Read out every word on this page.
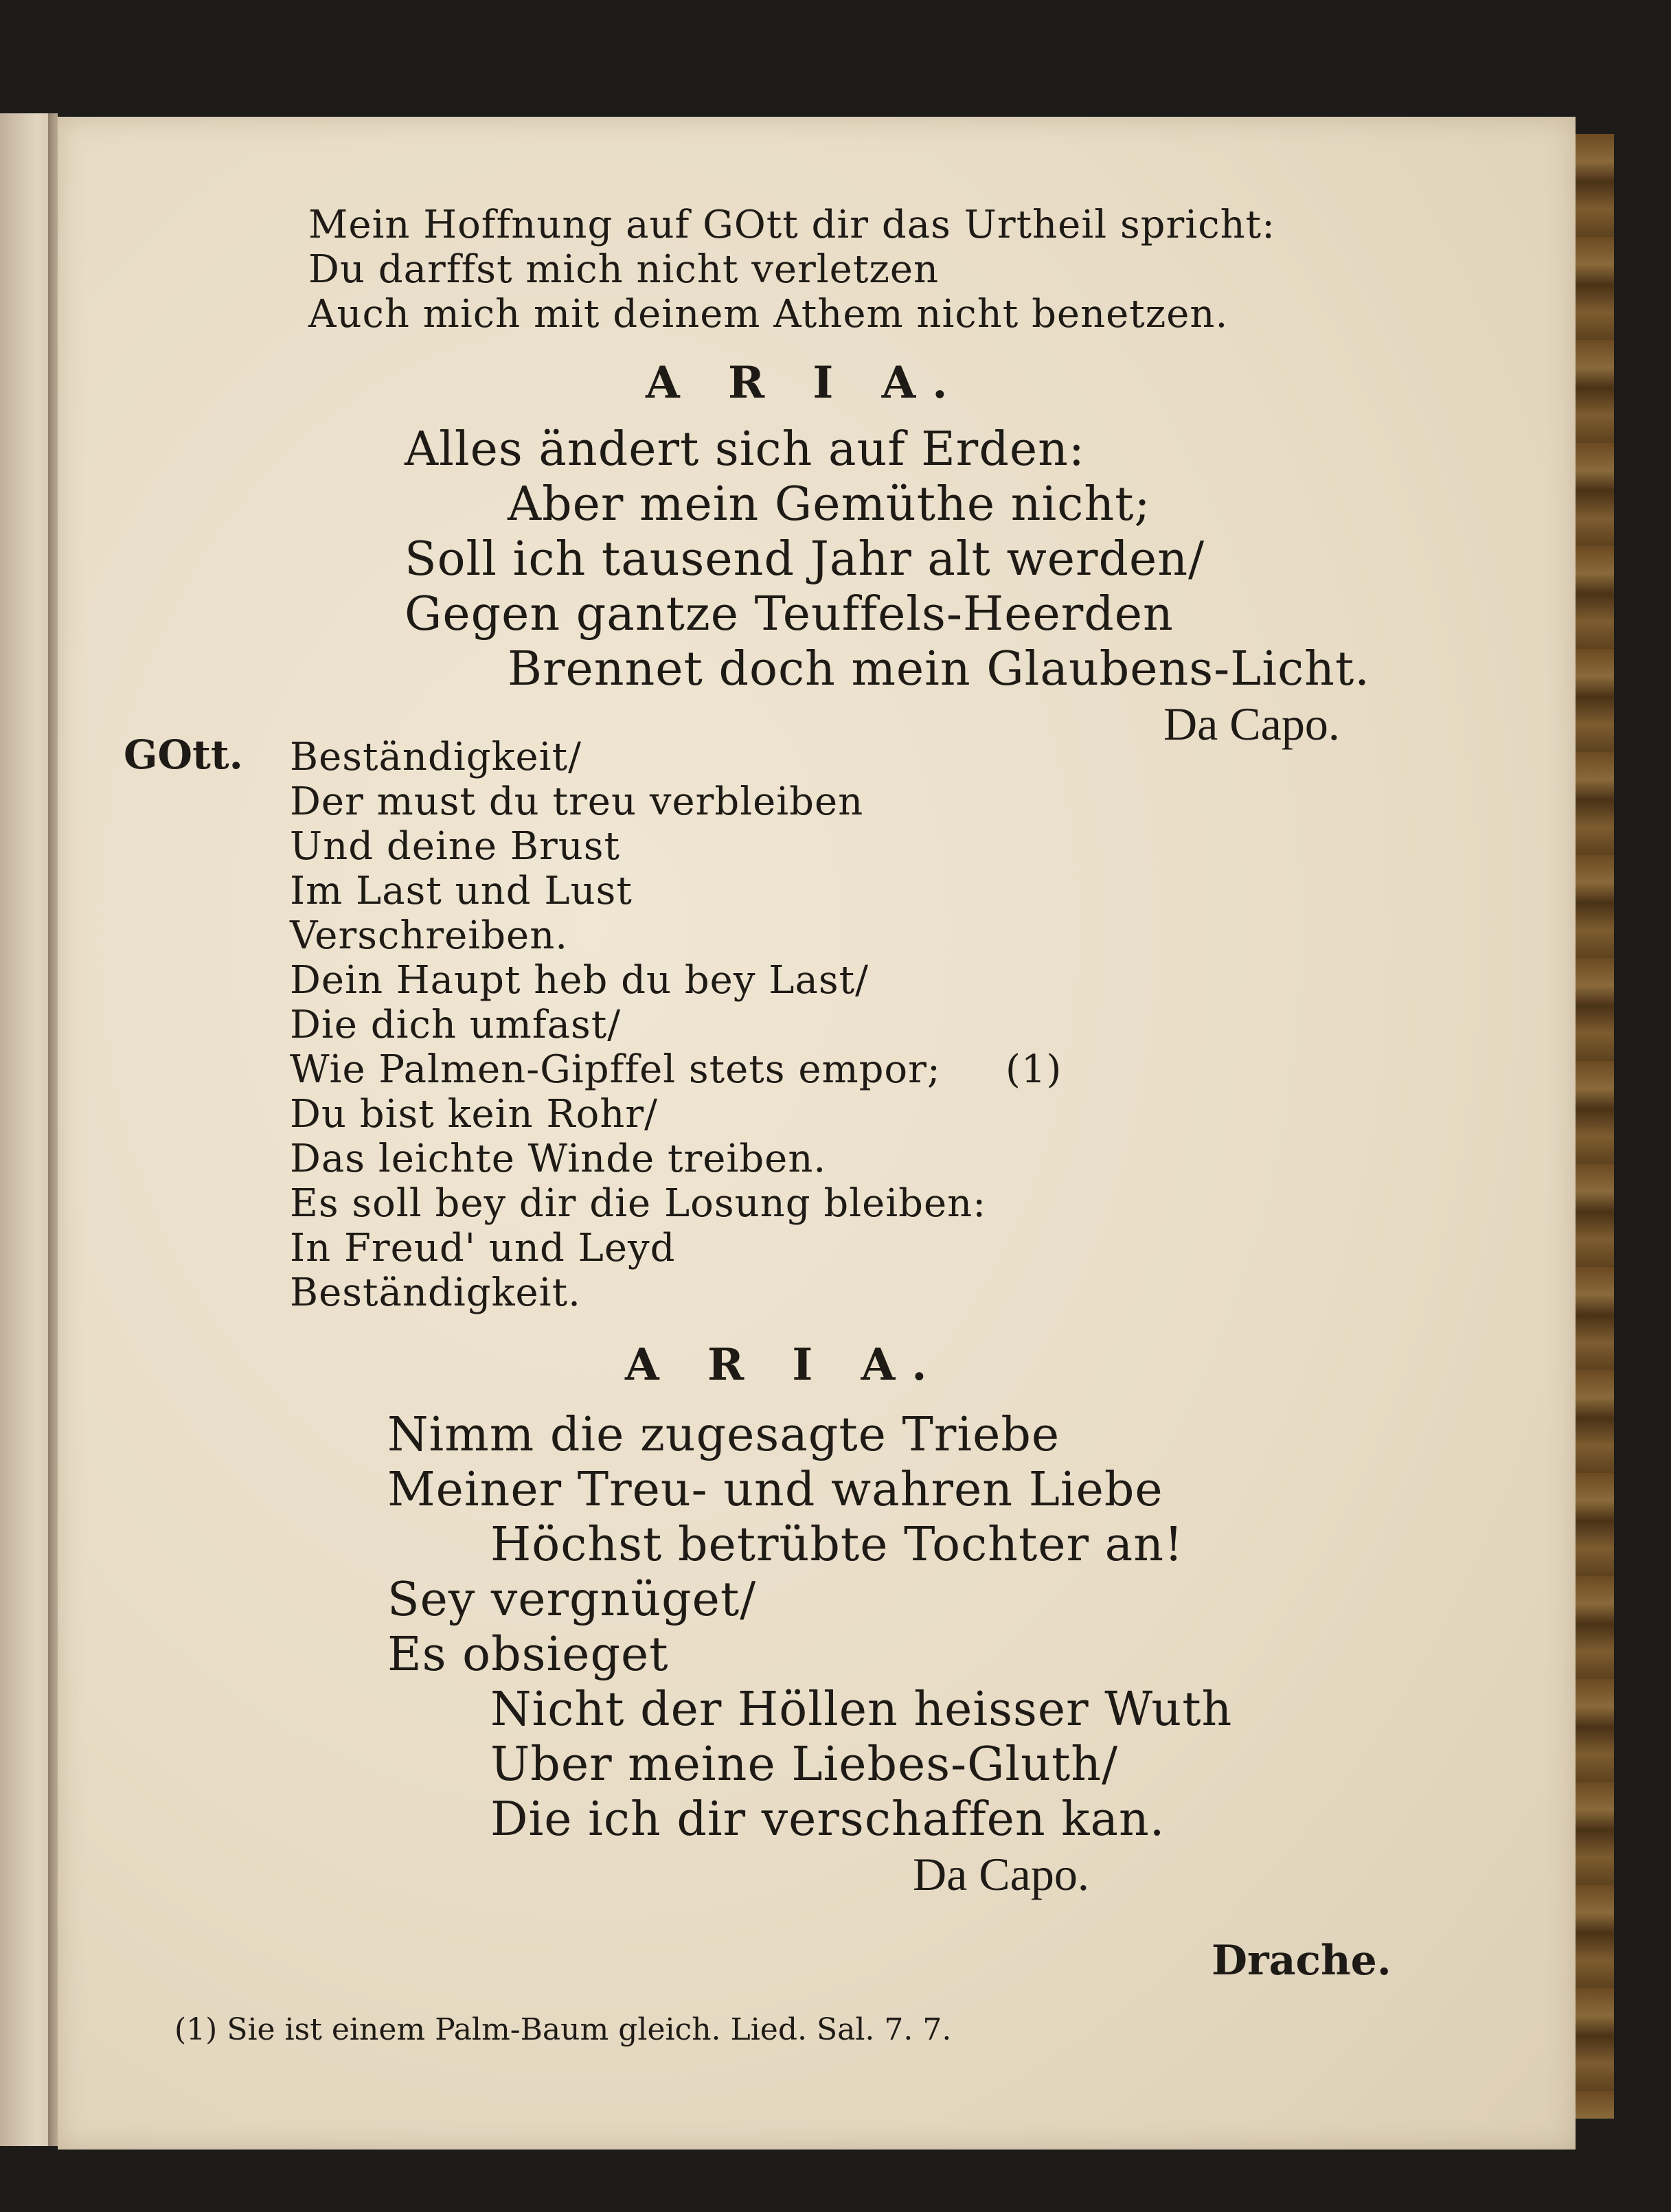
Mein Hoffnung auf GOtt dir das Urtheil spricht:
Du darffst mich nicht verletzen
Auch mich mit deinem Athem nicht benetzen.
A R I A.
Alles ändert sich auf Erden:
Aber mein Gemüthe nicht;
Soll ich tausend Jahr alt werden/
Gegen gantze Teuffels-Heerden
Brennet doch mein Glaubens-Licht.
Da Capo.
GOtt. Beständigkeit/
Der must du treu verbleiben
Und deine Brust
Im Last und Lust
Verschreiben.
Dein Haupt heb du bey Last/
Die dich umfast/
Wie Palmen-Gipffel stets empor; (1)
Du bist kein Rohr/
Das leichte Winde treiben.
Es soll bey dir die Losung bleiben:
In Freud' und Leyd
Beständigkeit.
A R I A.
Nimm die zugesagte Triebe
Meiner Treu- und wahren Liebe
Höchst betrübte Tochter an!
Sey vergnüget/
Es obsieget
Nicht der Höllen heisser Wuth
Uber meine Liebes-Gluth/
Die ich dir verschaffen kan.
Da Capo.
Drache.
(1) Sie ist einem Palm-Baum gleich. Lied. Sal. 7. 7.
